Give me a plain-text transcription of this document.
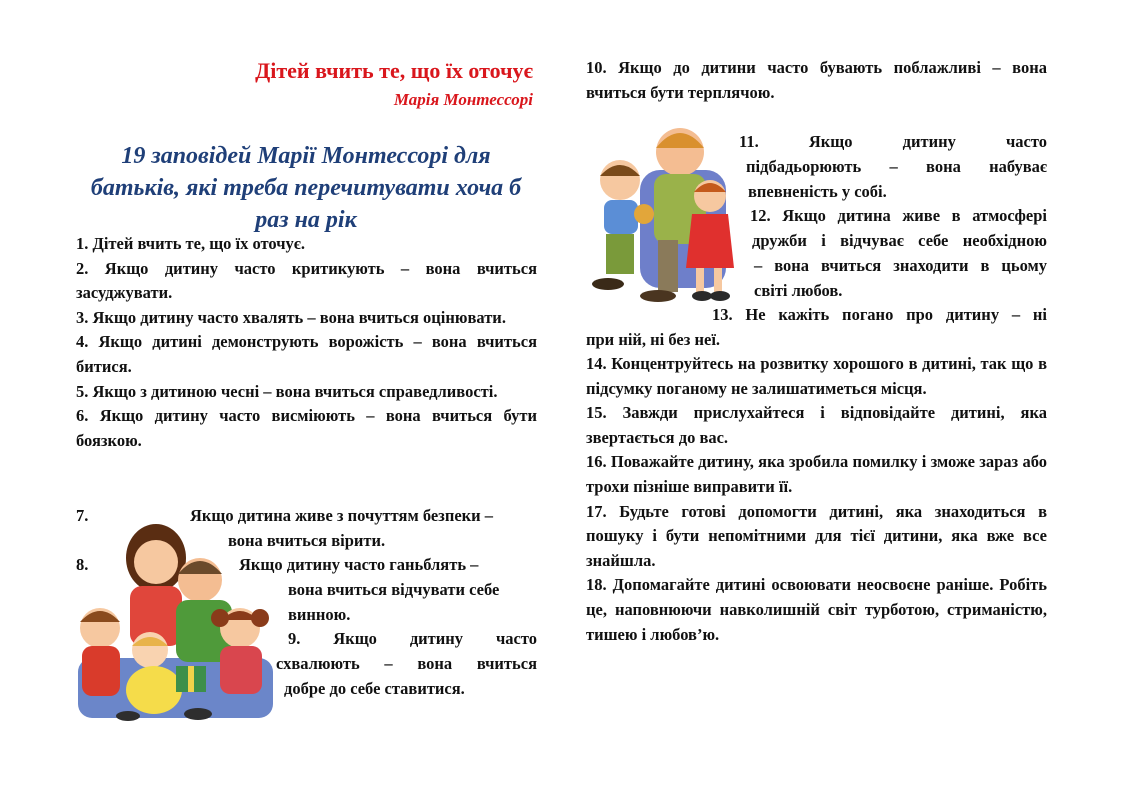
Дітей вчить те, що їх оточує
Марія Монтессорі
19 заповідей Марії Монтессорі для
батьків, які треба перечитувати хоча б
раз на рік

1. Дітей вчить те, що їх оточує.

2. Якщо дитину часто критикують – вона вчиться засуджувати.

3. Якщо дитину часто хвалять – вона вчиться оцінювати.

4. Якщо дитині демонструють ворожість – вона вчиться битися.

5. Якщо з дитиною чесні – вона вчиться справедливості.

6. Якщо дитину часто висміюють – вона вчиться бути боязкою.

7.	Якщо дитина живе з почуттям безпеки –
вона вчиться вірити.
8.	Якщо дитину часто ганьблять –
вона вчиться відчувати себе
винною.
9. Якщо дитину часто
схвалюють – вона вчиться
добре до себе ставитися.
10. Якщо до дитини часто бувають поблажливі – вона
вчиться бути терплячою.
11. Якщо дитину часто
підбадьорюють – вона набуває
впевненість у собі.
12. Якщо дитина живе в атмосфері
дружби і відчуває себе необхідною
– вона вчиться знаходити в цьому
світі любов.
13. Не кажіть погано про дитину – ні
при ній, ні без неї.

14. Концентруйтесь на розвитку хорошого в дитині, так що в підсумку поганому не залишатиметься місця.

15. Завжди прислухайтеся і відповідайте дитині, яка звертається до вас.

16. Поважайте дитину, яка зробила помилку і зможе зараз або трохи пізніше виправити її.

17. Будьте готові допомогти дитині, яка знаходиться в пошуку і бути непомітними для тієї дитини, яка вже все знайшла.

18. Допомагайте дитині освоювати неосвоєне раніше. Робіть це, наповнюючи навколишній світ турботою, стриманістю, тишею і любов’ю.
